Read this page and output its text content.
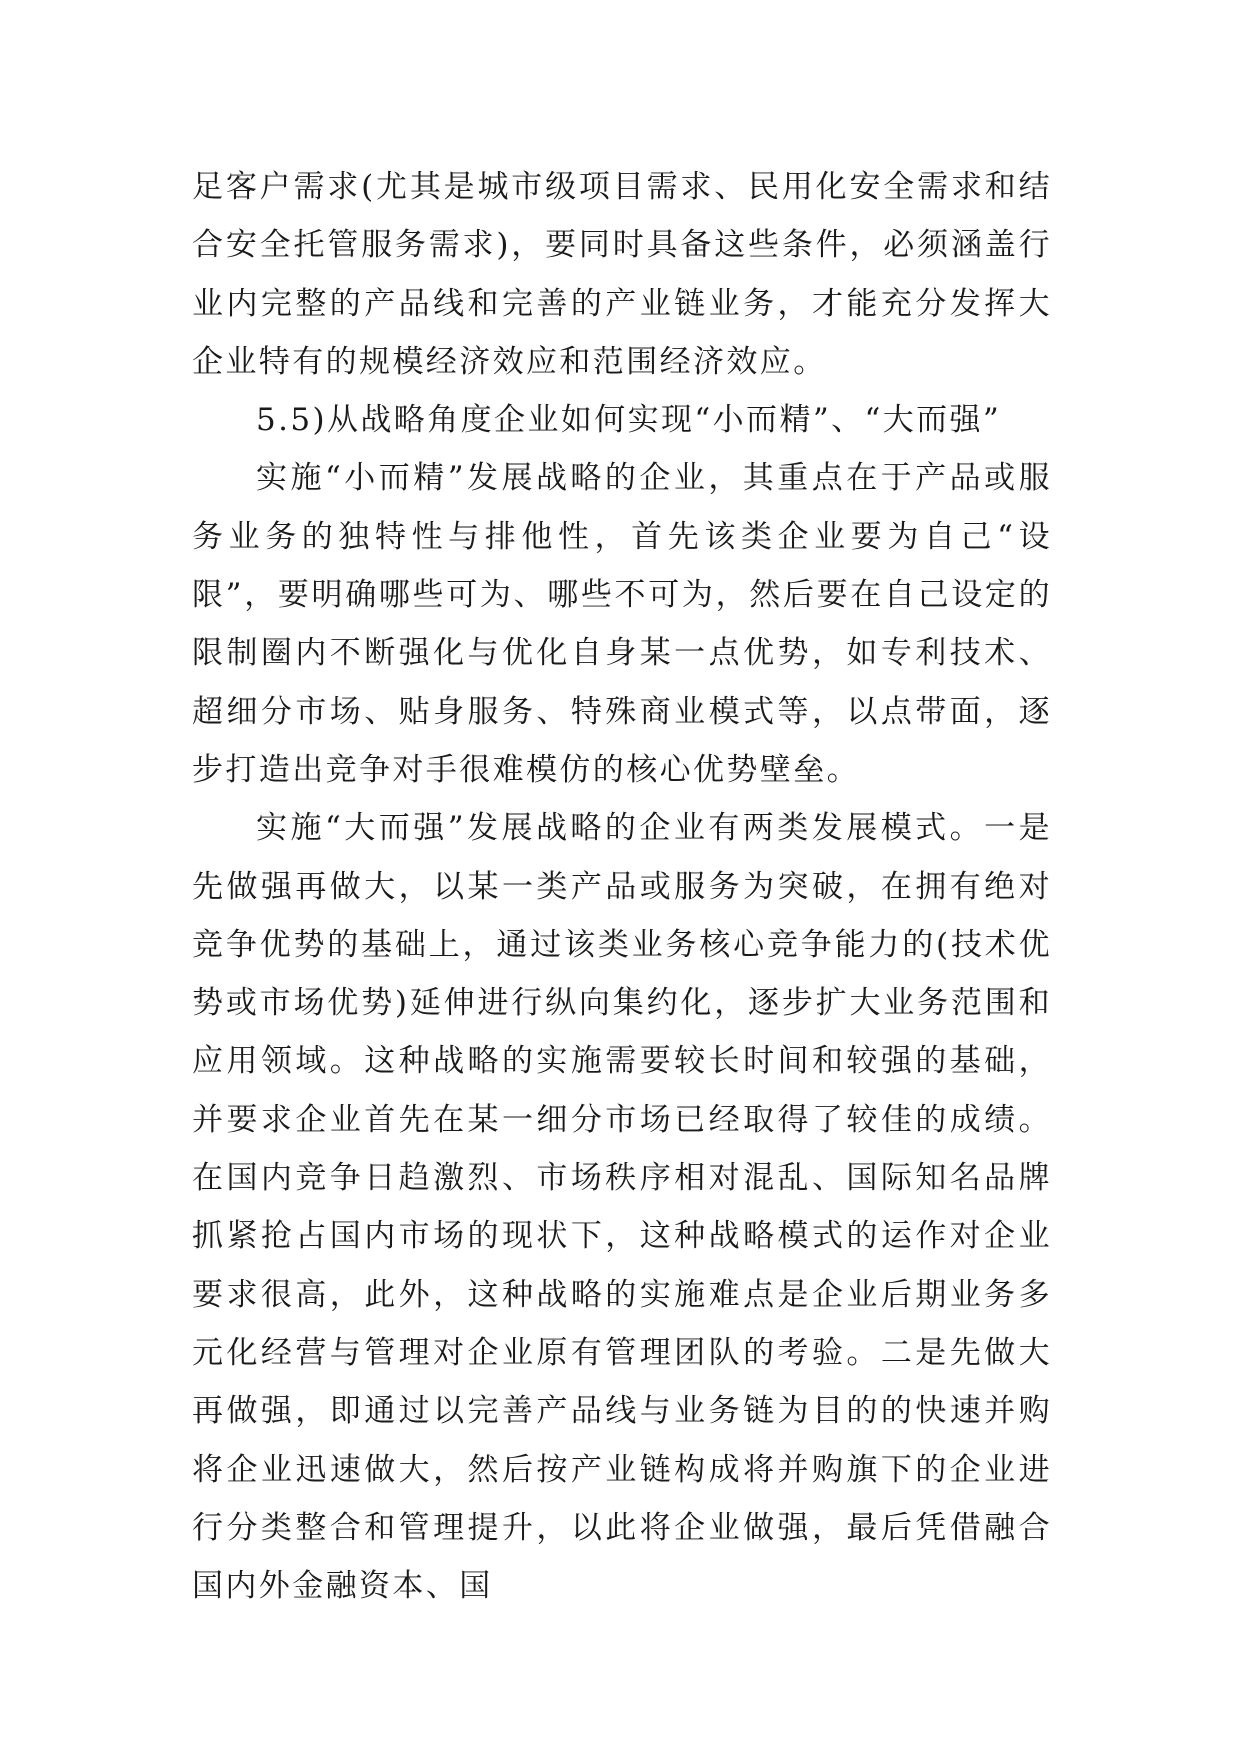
足客户需求(尤其是城市级项目需求、民用化安全需求和结合安全托管服务需求)，要同时具备这些条件，必须涵盖行业内完整的产品线和完善的产业链业务，才能充分发挥大企业特有的规模经济效应和范围经济效应。

5.5)从战略角度企业如何实现“小而精”、“大而强”

实施“小而精”发展战略的企业，其重点在于产品或服务业务的独特性与排他性，首先该类企业要为自己“设限”，要明确哪些可为、哪些不可为，然后要在自己设定的限制圈内不断强化与优化自身某一点优势，如专利技术、超细分市场、贴身服务、特殊商业模式等，以点带面，逐步打造出竞争对手很难模仿的核心优势壁垒。

实施“大而强”发展战略的企业有两类发展模式。一是先做强再做大，以某一类产品或服务为突破，在拥有绝对竞争优势的基础上，通过该类业务核心竞争能力的(技术优势或市场优势)延伸进行纵向集约化，逐步扩大业务范围和应用领域。这种战略的实施需要较长时间和较强的基础，并要求企业首先在某一细分市场已经取得了较佳的成绩。在国内竞争日趋激烈、市场秩序相对混乱、国际知名品牌抓紧抢占国内市场的现状下，这种战略模式的运作对企业要求很高，此外，这种战略的实施难点是企业后期业务多元化经营与管理对企业原有管理团队的考验。二是先做大再做强，即通过以完善产品线与业务链为目的的快速并购将企业迅速做大，然后按产业链构成将并购旗下的企业进行分类整合和管理提升，以此将企业做强，最后凭借融合国内外金融资本、国
